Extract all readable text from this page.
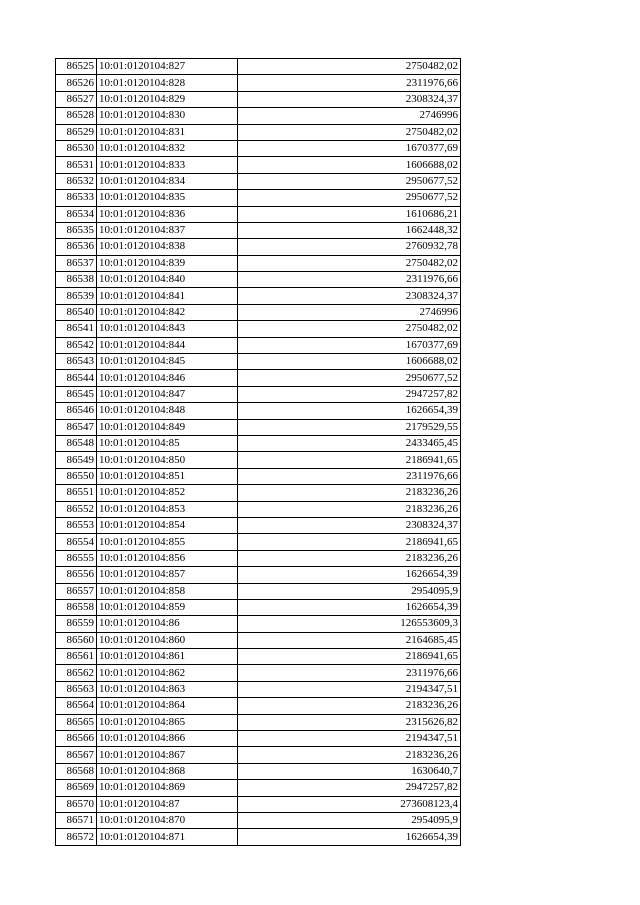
86525	10:01:0120104:827	2750482,02
86526	10:01:0120104:828	2311976,66
86527	10:01:0120104:829	2308324,37
86528	10:01:0120104:830	2746996
86529	10:01:0120104:831	2750482,02
86530	10:01:0120104:832	1670377,69
86531	10:01:0120104:833	1606688,02
86532	10:01:0120104:834	2950677,52
86533	10:01:0120104:835	2950677,52
86534	10:01:0120104:836	1610686,21
86535	10:01:0120104:837	1662448,32
86536	10:01:0120104:838	2760932,78
86537	10:01:0120104:839	2750482,02
86538	10:01:0120104:840	2311976,66
86539	10:01:0120104:841	2308324,37
86540	10:01:0120104:842	2746996
86541	10:01:0120104:843	2750482,02
86542	10:01:0120104:844	1670377,69
86543	10:01:0120104:845	1606688,02
86544	10:01:0120104:846	2950677,52
86545	10:01:0120104:847	2947257,82
86546	10:01:0120104:848	1626654,39
86547	10:01:0120104:849	2179529,55
86548	10:01:0120104:85	2433465,45
86549	10:01:0120104:850	2186941,65
86550	10:01:0120104:851	2311976,66
86551	10:01:0120104:852	2183236,26
86552	10:01:0120104:853	2183236,26
86553	10:01:0120104:854	2308324,37
86554	10:01:0120104:855	2186941,65
86555	10:01:0120104:856	2183236,26
86556	10:01:0120104:857	1626654,39
86557	10:01:0120104:858	2954095,9
86558	10:01:0120104:859	1626654,39
86559	10:01:0120104:86	126553609,3
86560	10:01:0120104:860	2164685,45
86561	10:01:0120104:861	2186941,65
86562	10:01:0120104:862	2311976,66
86563	10:01:0120104:863	2194347,51
86564	10:01:0120104:864	2183236,26
86565	10:01:0120104:865	2315626,82
86566	10:01:0120104:866	2194347,51
86567	10:01:0120104:867	2183236,26
86568	10:01:0120104:868	1630640,7
86569	10:01:0120104:869	2947257,82
86570	10:01:0120104:87	273608123,4
86571	10:01:0120104:870	2954095,9
86572	10:01:0120104:871	1626654,39
